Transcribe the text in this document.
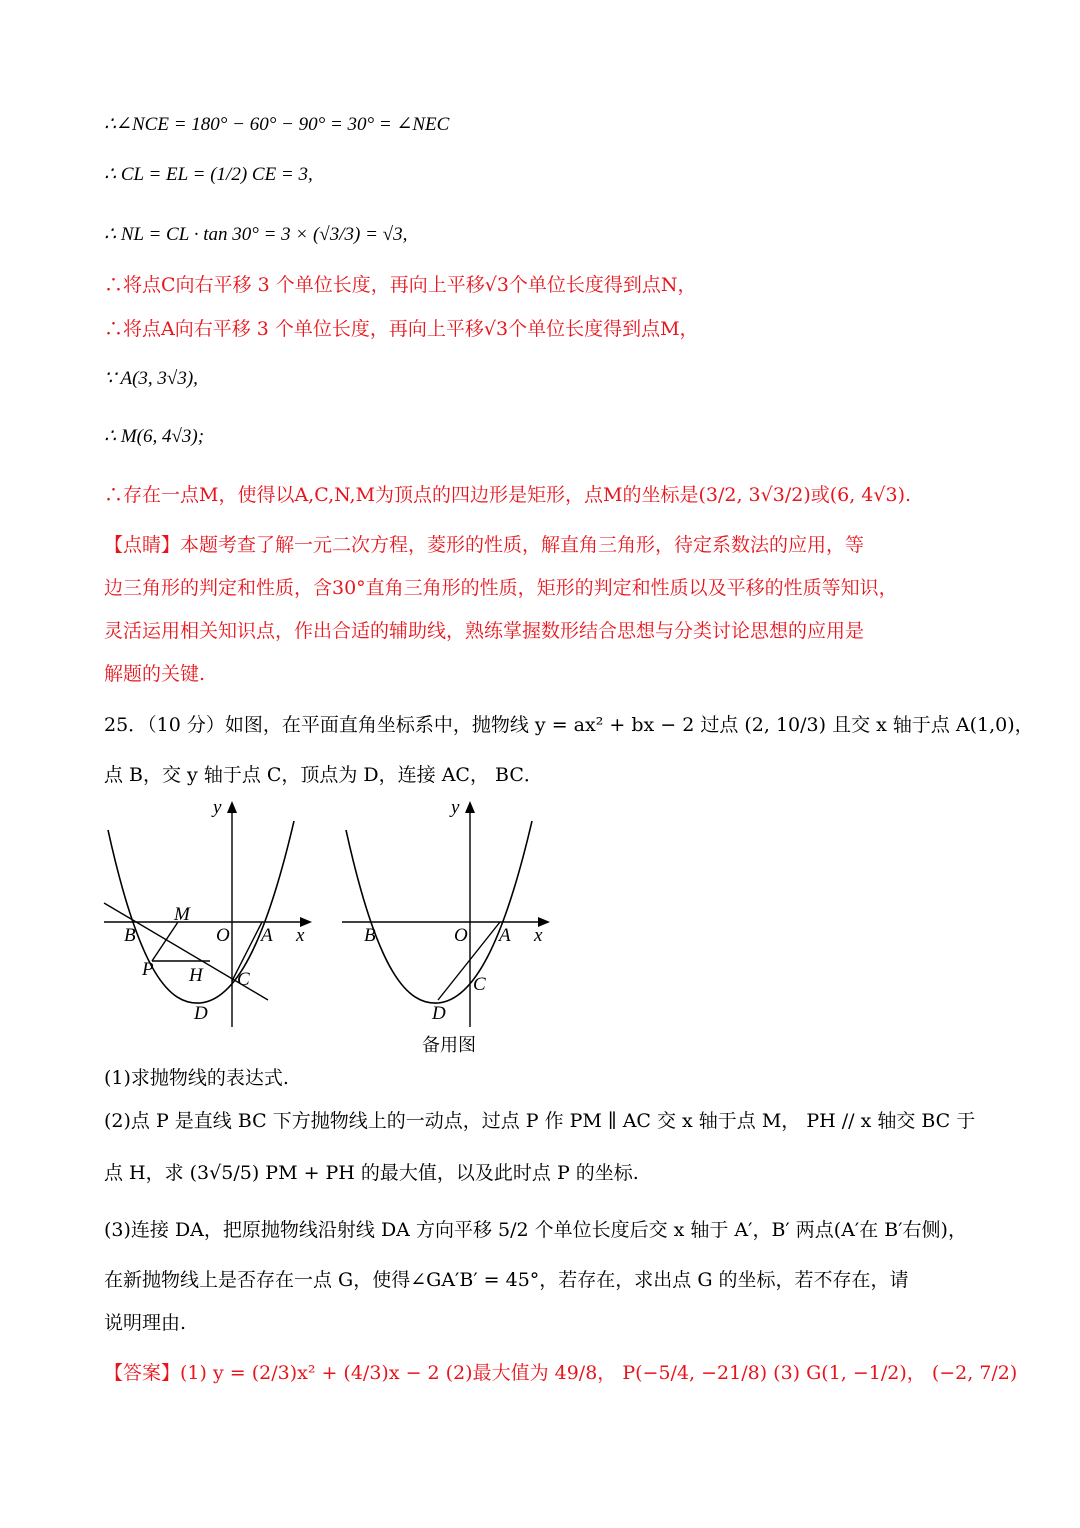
∴∠NCE = 180° − 60° − 90° = 30° = ∠NEC
∴ CL = EL = (1/2) CE = 3,
∴ NL = CL · tan 30° = 3 × (√3/3) = √3,
∴将点C向右平移 3 个单位长度，再向上平移√3个单位长度得到点N，
∴将点A向右平移 3 个单位长度，再向上平移√3个单位长度得到点M，
∵ A(3, 3√3),
∴ M(6, 4√3);
∴存在一点M，使得以A,C,N,M为顶点的四边形是矩形，点M的坐标是(3/2, 3√3/2)或(6, 4√3).
【点睛】本题考查了解一元二次方程，菱形的性质，解直角三角形，待定系数法的应用，等
边三角形的判定和性质，含30°直角三角形的性质，矩形的判定和性质以及平移的性质等知识，
灵活运用相关知识点，作出合适的辅助线，熟练掌握数形结合思想与分类讨论思想的应用是
解题的关键.
25．（10 分）如图，在平面直角坐标系中，抛物线 y = ax² + bx − 2 过点 (2, 10/3) 且交 x 轴于点 A(1,0)，
点 B，交 y 轴于点 C，顶点为 D，连接 AC， BC．
y
x
M
B	O A
P H C
D
y
x
B	O A
C
D
备用图
(1)求抛物线的表达式.
(2)点 P 是直线 BC 下方抛物线上的一动点，过点 P 作 PM ∥ AC 交 x 轴于点 M， PH // x 轴交 BC 于
点 H，求 (3√5/5) PM + PH 的最大值，以及此时点 P 的坐标.
(3)连接 DA，把原抛物线沿射线 DA 方向平移 5/2 个单位长度后交 x 轴于 A′，B′ 两点(A′在 B′右侧)，
在新抛物线上是否存在一点 G，使得∠GA′B′ = 45°，若存在，求出点 G 的坐标，若不存在，请
说明理由.
【答案】(1) y = (2/3)x² + (4/3)x − 2 (2)最大值为 49/8， P(−5/4, −21/8) (3) G(1, −1/2)， (−2, 7/2)
